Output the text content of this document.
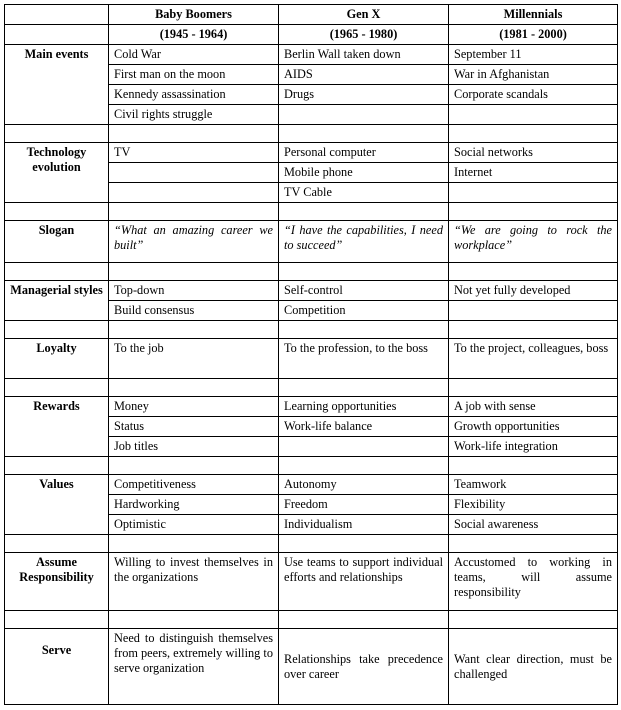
	Baby Boomers	Gen X	Millennials
	(1945 - 1964)	(1965 - 1980)	(1981 - 2000)
Main events	Cold War	Berlin Wall taken down	September 11
	First man on the moon	AIDS	War in Afghanistan
	Kennedy assassination	Drugs	Corporate scandals
	Civil rights struggle		

Technology evolution	TV	Personal computer	Social networks
		Mobile phone	Internet
		TV Cable	

Slogan	“What an amazing career we built”	“I have the capabilities, I need to succeed”	“We are going to rock the workplace”

Managerial styles	Top-down	Self-control	Not yet fully developed
	Build consensus	Competition	

Loyalty	To the job	To the profession, to the boss	To the project, colleagues, boss

Rewards	Money	Learning opportunities	A job with sense
	Status	Work-life balance	Growth opportunities
	Job titles		Work-life integration

Values	Competitiveness	Autonomy	Teamwork
	Hardworking	Freedom	Flexibility
	Optimistic	Individualism	Social awareness

Assume Responsibility	Willing to invest themselves in the organizations	Use teams to support individual efforts and relationships	Accustomed to working in teams, will assume responsibility

Serve	Need to distinguish themselves from peers, extremely willing to serve organization	Relationships take precedence over career	Want clear direction, must be challenged
